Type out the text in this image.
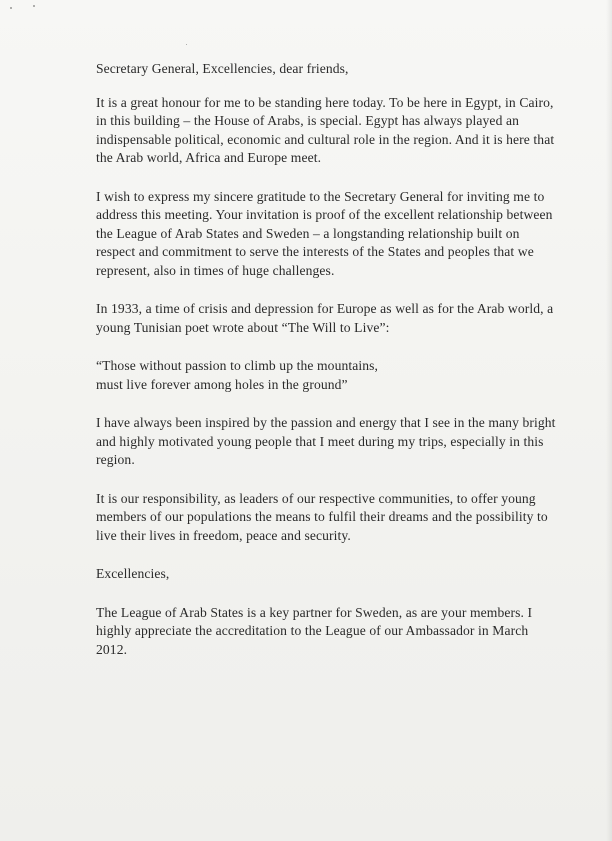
Secretary General, Excellencies, dear friends,

It is a great honour for me to be standing here today. To be here in Egypt, in Cairo, in this building – the House of Arabs, is special. Egypt has always played an indispensable political, economic and cultural role in the region. And it is here that the Arab world, Africa and Europe meet.

I wish to express my sincere gratitude to the Secretary General for inviting me to address this meeting. Your invitation is proof of the excellent relationship between the League of Arab States and Sweden – a longstanding relationship built on respect and commitment to serve the interests of the States and peoples that we represent, also in times of huge challenges.

In 1933, a time of crisis and depression for Europe as well as for the Arab world, a young Tunisian poet wrote about “The Will to Live”:

“Those without passion to climb up the mountains,
must live forever among holes in the ground”

I have always been inspired by the passion and energy that I see in the many bright and highly motivated young people that I meet during my trips, especially in this region.

It is our responsibility, as leaders of our respective communities, to offer young members of our populations the means to fulfil their dreams and the possibility to live their lives in freedom, peace and security.

Excellencies,

The League of Arab States is a key partner for Sweden, as are your members. I highly appreciate the accreditation to the League of our Ambassador in March 2012.
